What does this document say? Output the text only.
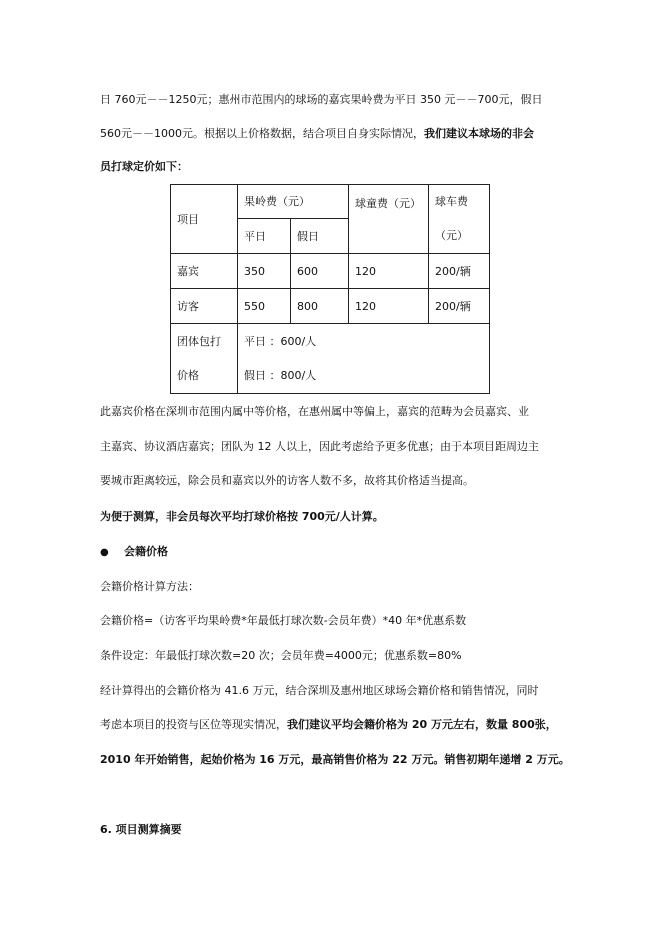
日 760元－－1250元；惠州市范围内的球场的嘉宾果岭费为平日 350 元－－700元，假日
560元－－1000元。根据以上价格数据，结合项目自身实际情况，我们建议本球场的非会
员打球定价如下：
项目	果岭费（元）		球童费（元）	球车费
（元）
	平日	假日		
嘉宾	350	600	120	200/辆
访客	550	800	120	200/辆
团体包打
价格	平日 ：600/人
假日 ：800/人			
此嘉宾价格在深圳市范围内属中等价格，在惠州属中等偏上，嘉宾的范畴为会员嘉宾、业
主嘉宾、协议酒店嘉宾；团队为 12 人以上，因此考虑给予更多优惠；由于本项目距周边主
要城市距离较远，除会员和嘉宾以外的访客人数不多，故将其价格适当提高。
为便于测算，非会员每次平均打球价格按 700元/人计算。
● 会籍价格
会籍价格计算方法：
会籍价格=（访客平均果岭费*年最低打球次数-会员年费）*40 年*优惠系数
条件设定：年最低打球次数=20 次；会员年费=4000元；优惠系数=80%
经计算得出的会籍价格为 41.6 万元，结合深圳及惠州地区球场会籍价格和销售情况，同时
考虑本项目的投资与区位等现实情况，我们建议平均会籍价格为 20 万元左右，数量 800张，
2010 年开始销售，起始价格为 16 万元，最高销售价格为 22 万元。销售初期年递增 2 万元。
6. 项目测算摘要
